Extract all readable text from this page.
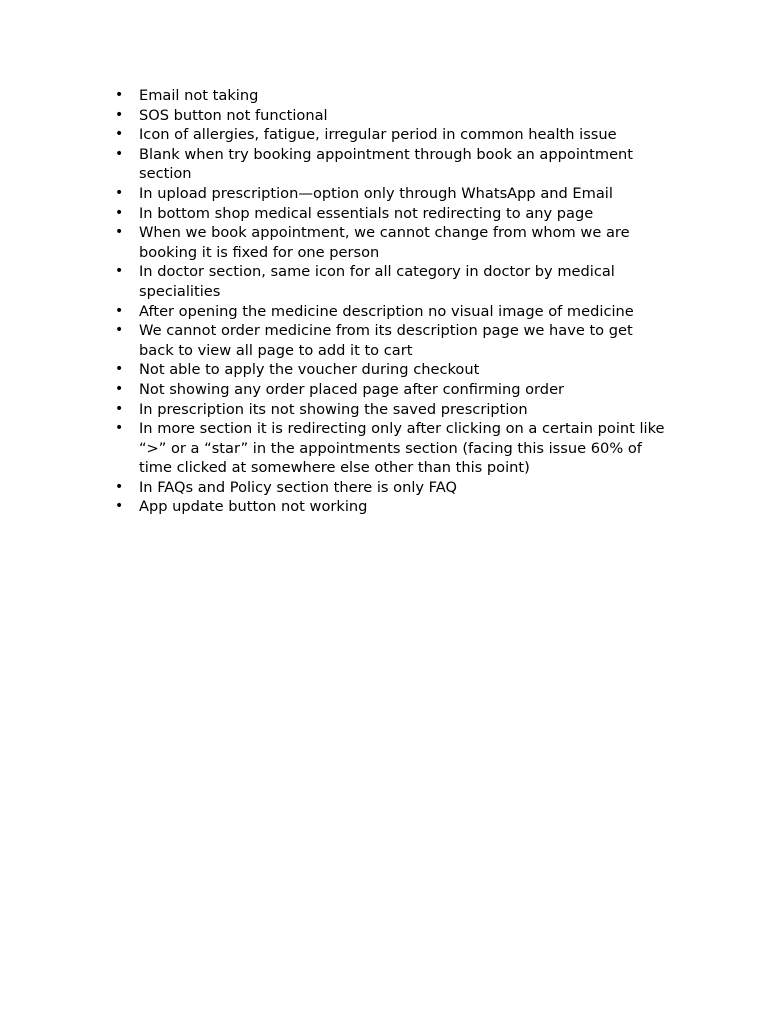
• Email not taking
• SOS button not functional
• Icon of allergies, fatigue, irregular period in common health issue
• Blank when try booking appointment through book an appointment section
• In upload prescription—option only through WhatsApp and Email
• In bottom shop medical essentials not redirecting to any page
• When we book appointment, we cannot change from whom we are booking it is fixed for one person
• In doctor section, same icon for all category in doctor by medical specialities
• After opening the medicine description no visual image of medicine
• We cannot order medicine from its description page we have to get back to view all page to add it to cart
• Not able to apply the voucher during checkout
• Not showing any order placed page after confirming order
• In prescription its not showing the saved prescription
• In more section it is redirecting only after clicking on a certain point like “>” or a “star” in the appointments section (facing this issue 60% of time clicked at somewhere else other than this point)
• In FAQs and Policy section there is only FAQ
• App update button not working
